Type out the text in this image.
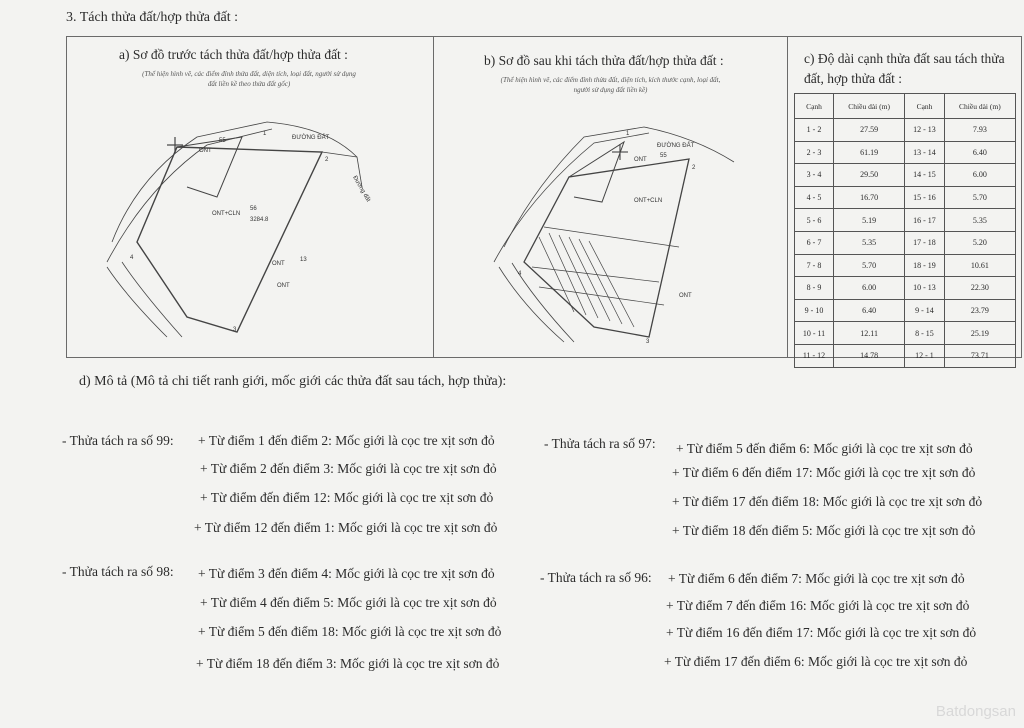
3. Tách thửa đất/hợp thửa đất :
a) Sơ đồ trước tách thửa đất/hợp thửa đất :
(Thể hiện hình vẽ, các điểm đỉnh thửa đất, diện tích, loại đất, người sử dụng
đất liền kề theo thửa đất gốc)
ĐƯỜNG ĐẤT
Đường đất
1
2
3
4
ONT+CLN
56
3284.8
ONT
55
ONT
13
ONT
b) Sơ đồ sau khi tách thửa đất/hợp thửa đất :
(Thể hiện hình vẽ, các điểm đỉnh thửa đất, diện tích, kích thước cạnh, loại đất,
người sử dụng đất liền kề)
ĐƯỜNG ĐẤT
ONT+CLN
ONT
55
ONT
1
2
3
4
c) Độ dài cạnh thửa đất sau tách thửa đất, hợp thửa đất :
Cạnh	Chiều dài (m)	Cạnh	Chiều dài (m)
1 - 2	27.59	12 - 13	7.93
2 - 3	61.19	13 - 14	6.40
3 - 4	29.50	14 - 15	6.00
4 - 5	16.70	15 - 16	5.70
5 - 6	5.19	16 - 17	5.35
6 - 7	5.35	17 - 18	5.20
7 - 8	5.70	18 - 19	10.61
8 - 9	6.00	10 - 13	22.30
9 - 10	6.40	9 - 14	23.79
10 - 11	12.11	8 - 15	25.19
11 - 12	14.78	12 - 1	73.71
d) Mô tả (Mô tả chi tiết ranh giới, mốc giới các thửa đất sau tách, hợp thửa):
- Thửa tách ra số 99: + Từ điểm 1 đến điểm 2: Mốc giới là cọc tre xịt sơn đỏ
+ Từ điểm 2 đến điểm 3: Mốc giới là cọc tre xịt sơn đỏ
+ Từ điểm đến điểm 12: Mốc giới là cọc tre xịt sơn đỏ
+ Từ điểm 12 đến điểm 1: Mốc giới là cọc tre xịt sơn đỏ
- Thửa tách ra số 98: + Từ điểm 3 đến điểm 4: Mốc giới là cọc tre xịt sơn đỏ
+ Từ điểm 4 đến điểm 5: Mốc giới là cọc tre xịt sơn đỏ
+ Từ điểm 5 đến điểm 18: Mốc giới là cọc tre xịt sơn đỏ
+ Từ điểm 18 đến điểm 3: Mốc giới là cọc tre xịt sơn đỏ
- Thửa tách ra số 97: + Từ điểm 5 đến điểm 6: Mốc giới là cọc tre xịt sơn đỏ
+ Từ điểm 6 đến điểm 17: Mốc giới là cọc tre xịt sơn đỏ
+ Từ điểm 17 đến điểm 18: Mốc giới là cọc tre xịt sơn đỏ
+ Từ điểm 18 đến điểm 5: Mốc giới là cọc tre xịt sơn đỏ
- Thửa tách ra số 96: + Từ điểm 6 đến điểm 7: Mốc giới là cọc tre xịt sơn đỏ
+ Từ điểm 7 đến điểm 16: Mốc giới là cọc tre xịt sơn đỏ
+ Từ điểm 16 đến điểm 17: Mốc giới là cọc tre xịt sơn đỏ
+ Từ điểm 17 đến điểm 6: Mốc giới là cọc tre xịt sơn đỏ
Batdongsan
